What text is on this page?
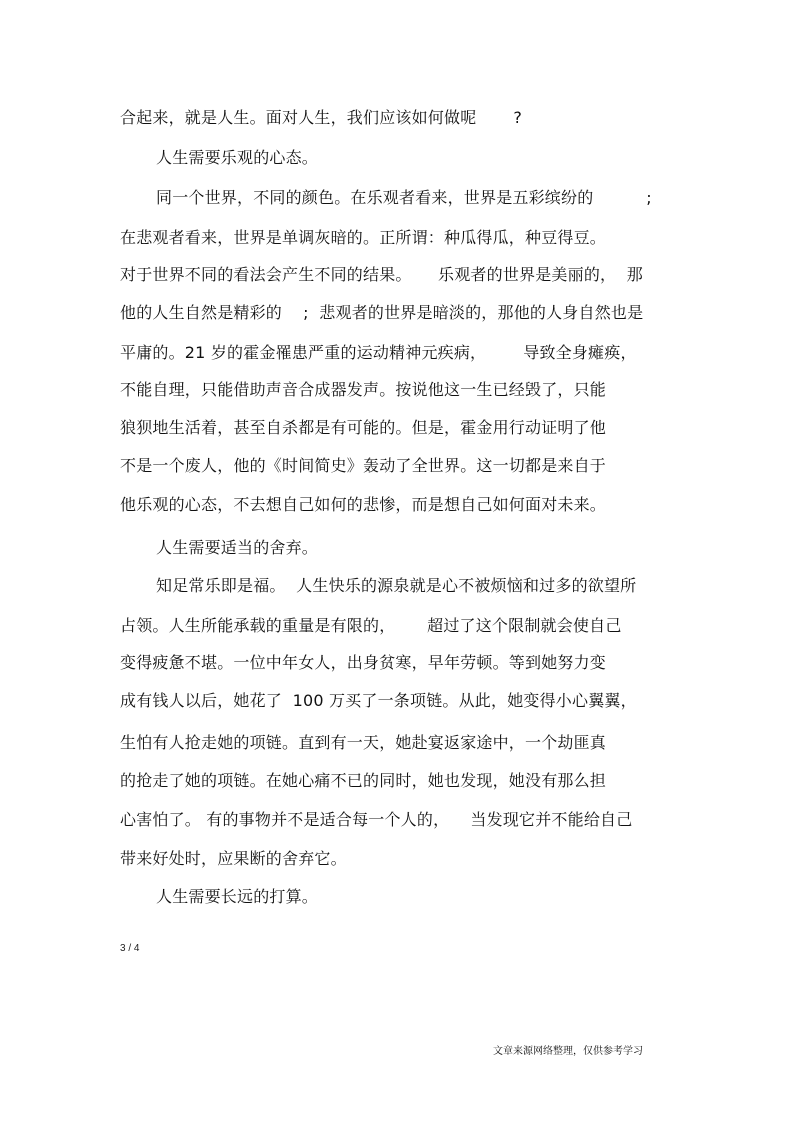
合起来，就是人生。面对人生，我们应该如何做呢       ?
人生需要乐观的心态。
同一个世界，不同的颜色。在乐观者看来，世界是五彩缤纷的          ;
在悲观者看来，世界是单调灰暗的。正所谓：种瓜得瓜，种豆得豆。
对于世界不同的看法会产生不同的结果。     乐观者的世界是美丽的，  那
他的人生自然是精彩的    ;  悲观者的世界是暗淡的，那他的人身自然也是
平庸的。21 岁的霍金罹患严重的运动精神元疾病，       导致全身瘫痪，
不能自理，只能借助声音合成器发声。按说他这一生已经毁了，只能
狼狈地生活着，甚至自杀都是有可能的。但是，霍金用行动证明了他
不是一个废人，他的《时间简史》轰动了全世界。这一切都是来自于
他乐观的心态，不去想自己如何的悲惨，而是想自己如何面对未来。
人生需要适当的舍弃。
知足常乐即是福。  人生快乐的源泉就是心不被烦恼和过多的欲望所
占领。人生所能承载的重量是有限的，      超过了这个限制就会使自己
变得疲惫不堪。一位中年女人，出身贫寒，早年劳顿。等到她努力变
成有钱人以后，她花了  100 万买了一条项链。从此，她变得小心翼翼，
生怕有人抢走她的项链。直到有一天，她赴宴返家途中，一个劫匪真
的抢走了她的项链。在她心痛不已的同时，她也发现，她没有那么担
心害怕了。 有的事物并不是适合每一个人的，    当发现它并不能给自己
带来好处时，应果断的舍弃它。
人生需要长远的打算。
3 / 4
文章来源网络整理，仅供参考学习
